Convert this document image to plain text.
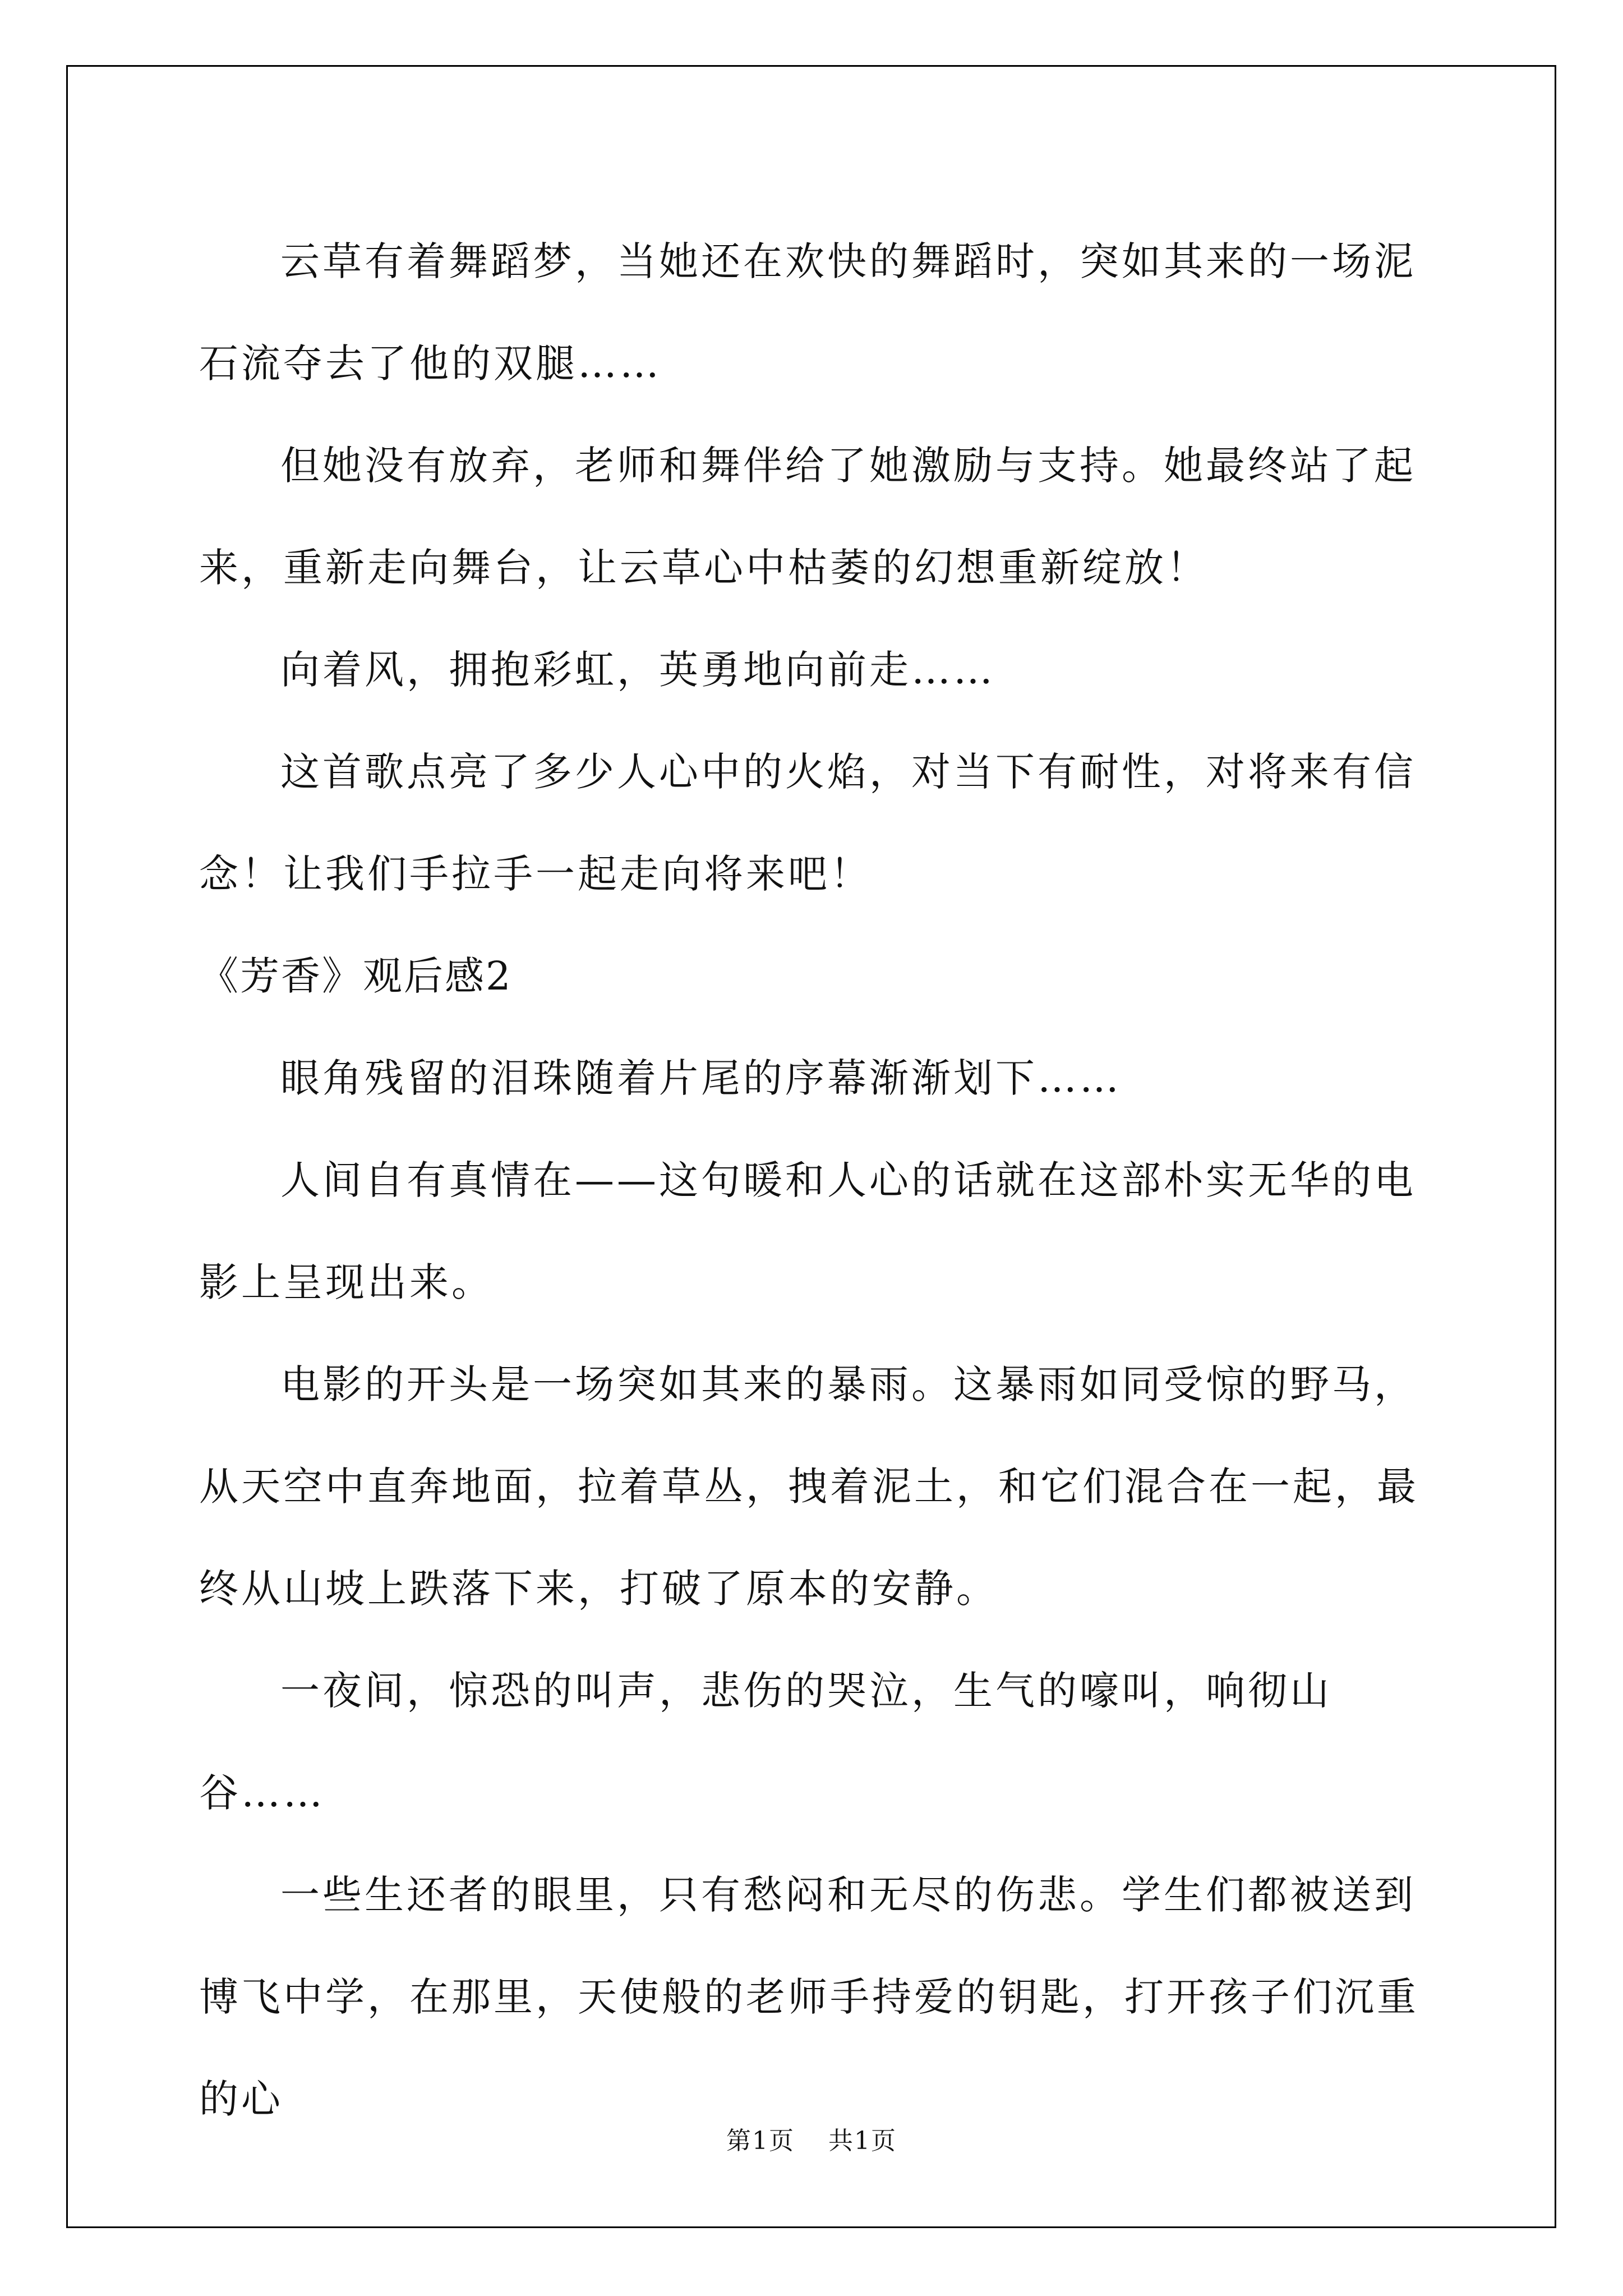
云草有着舞蹈梦，当她还在欢快的舞蹈时，突如其来的一场泥石流夺去了他的双腿……

但她没有放弃，老师和舞伴给了她激励与支持。她最终站了起来，重新走向舞台，让云草心中枯萎的幻想重新绽放！

向着风，拥抱彩虹，英勇地向前走……

这首歌点亮了多少人心中的火焰，对当下有耐性，对将来有信念！让我们手拉手一起走向将来吧！

《芳香》观后感2

眼角残留的泪珠随着片尾的序幕渐渐划下……

人间自有真情在——这句暖和人心的话就在这部朴实无华的电影上呈现出来。

电影的开头是一场突如其来的暴雨。这暴雨如同受惊的野马，从天空中直奔地面，拉着草丛，拽着泥土，和它们混合在一起，最终从山坡上跌落下来，打破了原本的安静。

一夜间，惊恐的叫声，悲伤的哭泣，生气的嚎叫，响彻山谷……

一些生还者的眼里，只有愁闷和无尽的伤悲。学生们都被送到博飞中学，在那里，天使般的老师手持爱的钥匙，打开孩子们沉重的心

第1页 共1页
